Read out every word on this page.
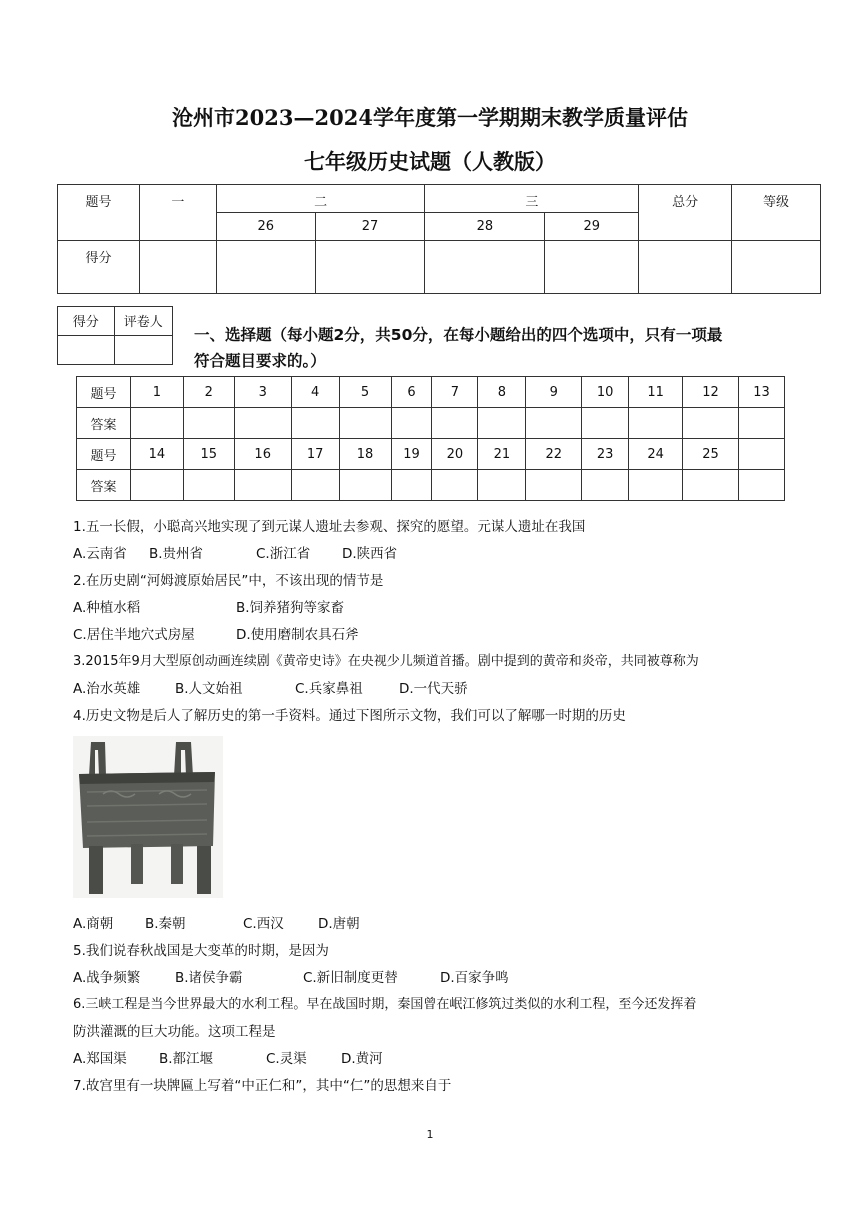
沧州市2023—2024学年度第一学期期末教学质量评估
七年级历史试题（人教版）
题号	一	二		三		总分	等级
		26	27	28	29		
得分							
得分	评卷人

一、选择题（每小题2分，共50分，在每小题给出的四个选项中，只有一项最
符合题目要求的。）
题号	1	2	3	4	5	6	7	8	9	10	11	12	13
答案													
题号	14	15	16	17	18	19	20	21	22	23	24	25	
答案													
1.五一长假，小聪高兴地实现了到元谋人遗址去参观、探究的愿望。元谋人遗址在我国
A.云南省 B.贵州省	C.浙江省 D.陕西省
2.在历史剧“河姆渡原始居民”中，不该出现的情节是
A.种植水稻	B.饲养猪狗等家畜
C.居住半地穴式房屋	D.使用磨制农具石斧
3.2015年9月大型原创动画连续剧《黄帝史诗》在央视少儿频道首播。剧中提到的黄帝和炎帝，共同被尊称为
A.治水英雄	B.人文始祖	C.兵家鼻祖	D.一代天骄
4.历史文物是后人了解历史的第一手资料。通过下图所示文物，我们可以了解哪一时期的历史
A.商朝 B.秦朝	C.西汉	D.唐朝
5.我们说春秋战国是大变革的时期，是因为
A.战争频繁	B.诸侯争霸	C.新旧制度更替	D.百家争鸣
6.三峡工程是当今世界最大的水利工程。早在战国时期，秦国曾在岷江修筑过类似的水利工程，至今还发挥着
防洪灌溉的巨大功能。这项工程是
A.郑国渠 B.都江堰	C.灵渠	D.黄河
7.故宫里有一块牌匾上写着“中正仁和”，其中“仁”的思想来自于
1
